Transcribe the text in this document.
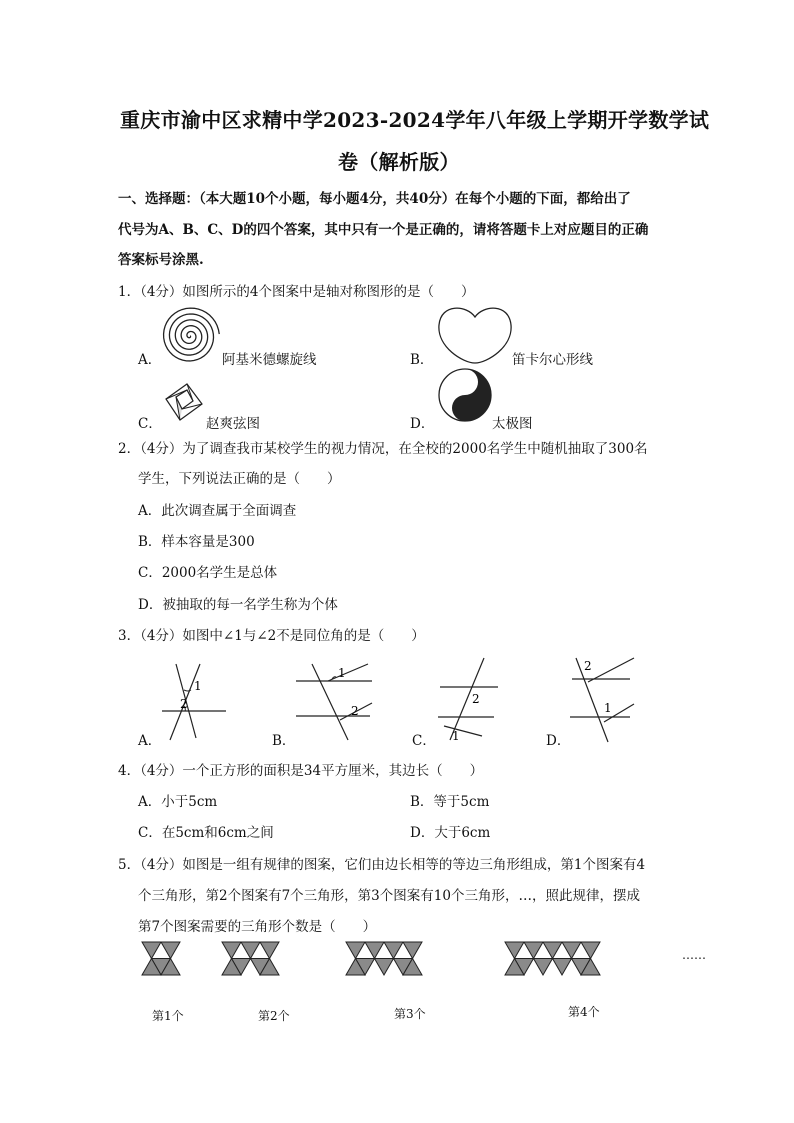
重庆市渝中区求精中学2023-2024学年八年级上学期开学数学试
卷（解析版）
一、选择题：（本大题10个小题，每小题4分，共40分）在每个小题的下面，都给出了
代号为A、B、C、D的四个答案，其中只有一个是正确的，请将答题卡上对应题目的正确
答案标号涂黑.
1．（4分）如图所示的4个图案中是轴对称图形的是（　　）
A．	阿基米德螺旋线	B．	笛卡尔心形线
C．	赵爽弦图	D．	太极图
2．（4分）为了调查我市某校学生的视力情况，在全校的2000名学生中随机抽取了300名
学生，下列说法正确的是（　　）
A．此次调查属于全面调查
B．样本容量是300
C．2000名学生是总体
D．被抽取的每一名学生称为个体
3．（4分）如图中∠1与∠2不是同位角的是（　　）
A．
1
2
B．
1
2
C．
2
1	D．
2
1
4．（4分）一个正方形的面积是34平方厘米，其边长（　　）
A．小于5cm	B．等于5cm
C．在5cm和6cm之间	D．大于6cm
5．（4分）如图是一组有规律的图案，它们由边长相等的等边三角形组成，第1个图案有4
个三角形，第2个图案有7个三角形，第3个图案有10个三角形，…，照此规律，摆成
第7个图案需要的三角形个数是（　　）
第1个	第2个	第3个	第4个
……
